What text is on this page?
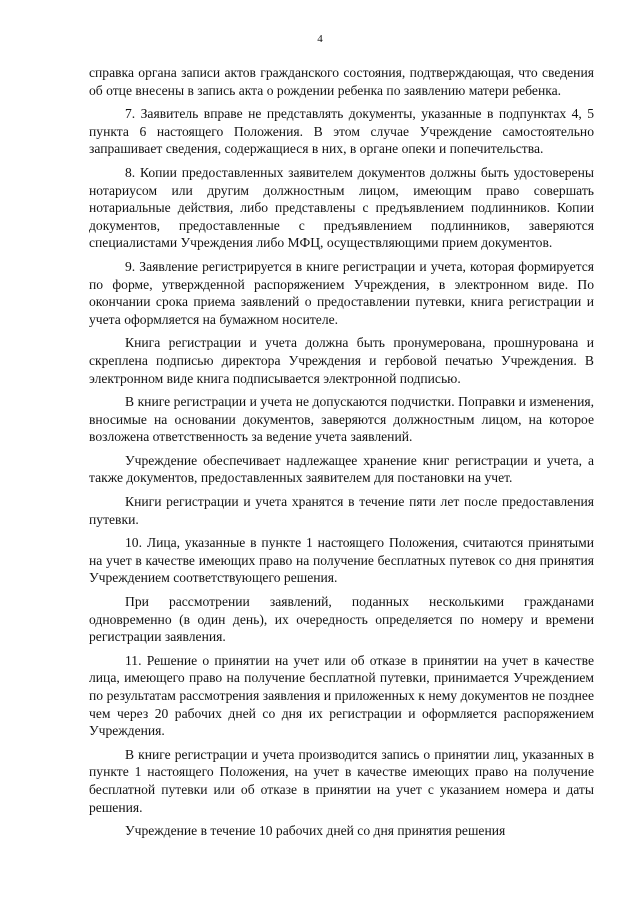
4

справка органа записи актов гражданского состояния, подтверждающая, что сведения об отце внесены в запись акта о рождении ребенка по заявлению матери ребенка.

7. Заявитель вправе не представлять документы, указанные в подпунктах 4, 5 пункта 6 настоящего Положения. В этом случае Учреждение самостоятельно запрашивает сведения, содержащиеся в них, в органе опеки и попечительства.

8. Копии предоставленных заявителем документов должны быть удостоверены нотариусом или другим должностным лицом, имеющим право совершать нотариальные действия, либо представлены с предъявлением подлинников. Копии документов, предоставленные с предъявлением подлинников, заверяются специалистами Учреждения либо МФЦ, осуществляющими прием документов.

9. Заявление регистрируется в книге регистрации и учета, которая формируется по форме, утвержденной распоряжением Учреждения, в электронном виде. По окончании срока приема заявлений о предоставлении путевки, книга регистрации и учета оформляется на бумажном носителе.

Книга регистрации и учета должна быть пронумерована, прошнурована и скреплена подписью директора Учреждения и гербовой печатью Учреждения. В электронном виде книга подписывается электронной подписью.

В книге регистрации и учета не допускаются подчистки. Поправки и изменения, вносимые на основании документов, заверяются должностным лицом, на которое возложена ответственность за ведение учета заявлений.

Учреждение обеспечивает надлежащее хранение книг регистрации и учета, а также документов, предоставленных заявителем для постановки на учет.

Книги регистрации и учета хранятся в течение пяти лет после предоставления путевки.

10. Лица, указанные в пункте 1 настоящего Положения, считаются принятыми на учет в качестве имеющих право на получение бесплатных путевок со дня принятия Учреждением соответствующего решения.

При рассмотрении заявлений, поданных несколькими гражданами одновременно (в один день), их очередность определяется по номеру и времени регистрации заявления.

11. Решение о принятии на учет или об отказе в принятии на учет в качестве лица, имеющего право на получение бесплатной путевки, принимается Учреждением по результатам рассмотрения заявления и приложенных к нему документов не позднее чем через 20 рабочих дней со дня их регистрации и оформляется распоряжением Учреждения.

В книге регистрации и учета производится запись о принятии лиц, указанных в пункте 1 настоящего Положения, на учет в качестве имеющих право на получение бесплатной путевки или об отказе в принятии на учет с указанием номера и даты решения.

Учреждение в течение 10 рабочих дней со дня принятия решения
